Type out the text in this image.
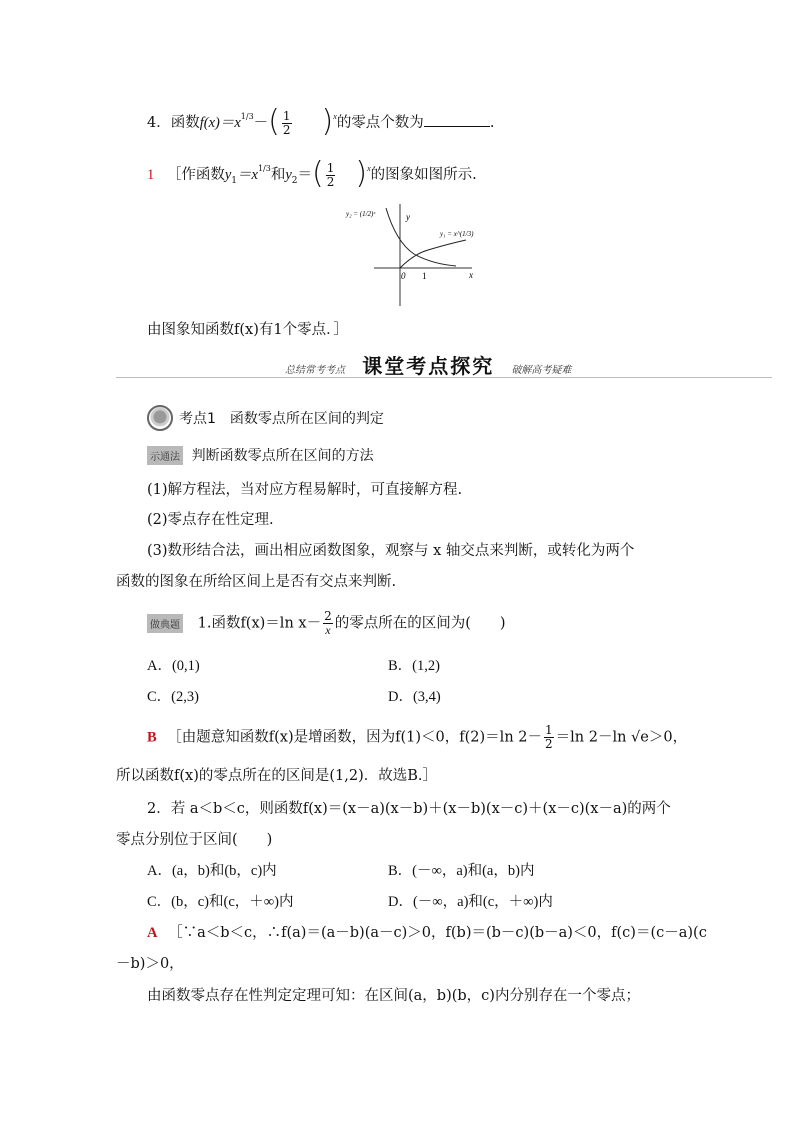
4．函数$f(x)=x^{1/3}-( \frac{1}{2} )^x$的零点个数为	.
1 ［作函数$y_1=x^{1/3}$和$y_2=( \frac{1}{2} )^x$的图象如图所示.
y₂ = (1/2)ˣ
y₁ = x^(1/3)
y
x
0 1
由图象知函数f(x)有1个零点．］
总结常考考点 课堂考点探究 破解高考疑难
考点1　函数零点所在区间的判定
示通法 判断函数零点所在区间的方法
(1)解方程法，当对应方程易解时，可直接解方程.
(2)零点存在性定理.
(3)数形结合法，画出相应函数图象，观察与 x 轴交点来判断，或转化为两个
函数的图象在所给区间上是否有交点来判断.
做典题 1.函数f(x)＝ln $x- \frac{2}{x}$ 的零点所在的区间为(　　)
A．(0,1)	B．(1,2)
C．(2,3)	D．(3,4)
B ［由题意知函数f(x)是增函数，因为f(1)＜0，f(2)＝ln $2- \frac{1}{2} =\ln$ 2－ln √e＞0，
所以函数f(x)的零点所在的区间是(1,2)．故选B.］
2．若 a＜b＜c，则函数f(x)＝(x－a)(x－b)＋(x－b)(x－c)＋(x－c)(x－a)的两个
零点分别位于区间(　　)
A．(a，b)和(b，c)内	B．(－∞，a)和(a，b)内
C．(b，c)和(c，＋∞)内	D．(－∞，a)和(c，＋∞)内
A ［∵a＜b＜c，∴f(a)＝(a－b)(a－c)＞0，f(b)＝(b－c)(b－a)＜0，f(c)＝(c－a)(c
－b)＞0，
由函数零点存在性判定定理可知：在区间(a，b)(b，c)内分别存在一个零点；
